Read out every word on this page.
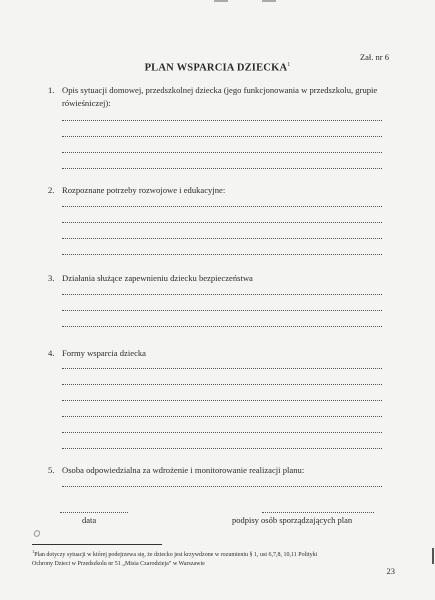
Zał. nr 6
PLAN WSPARCIA DZIECKA$^1$
1. Opis sytuacji domowej, przedszkolnej dziecka (jego funkcjonowania w przedszkolu, grupie
rówieśniczej):
2. Rozpoznane potrzeby rozwojowe i edukacyjne:
3. Działania służące zapewnieniu dziecku bezpieczeństwa
4. Formy wsparcia dziecka
5. Osoba odpowiedzialna za wdrożenie i monitorowanie realizacji planu:
data	podpisy osób sporządzających plan
$^1$Plan dotyczy sytuacji w której podejrzewa się, że dziecko jest krzywdzone w rozumieniu § 1, ust 6,7,8, 10,11 Polityki
Ochrony Dzieci w Przedszkolu nr 51 „Misia Czarodzieja” w Warszawie
23
